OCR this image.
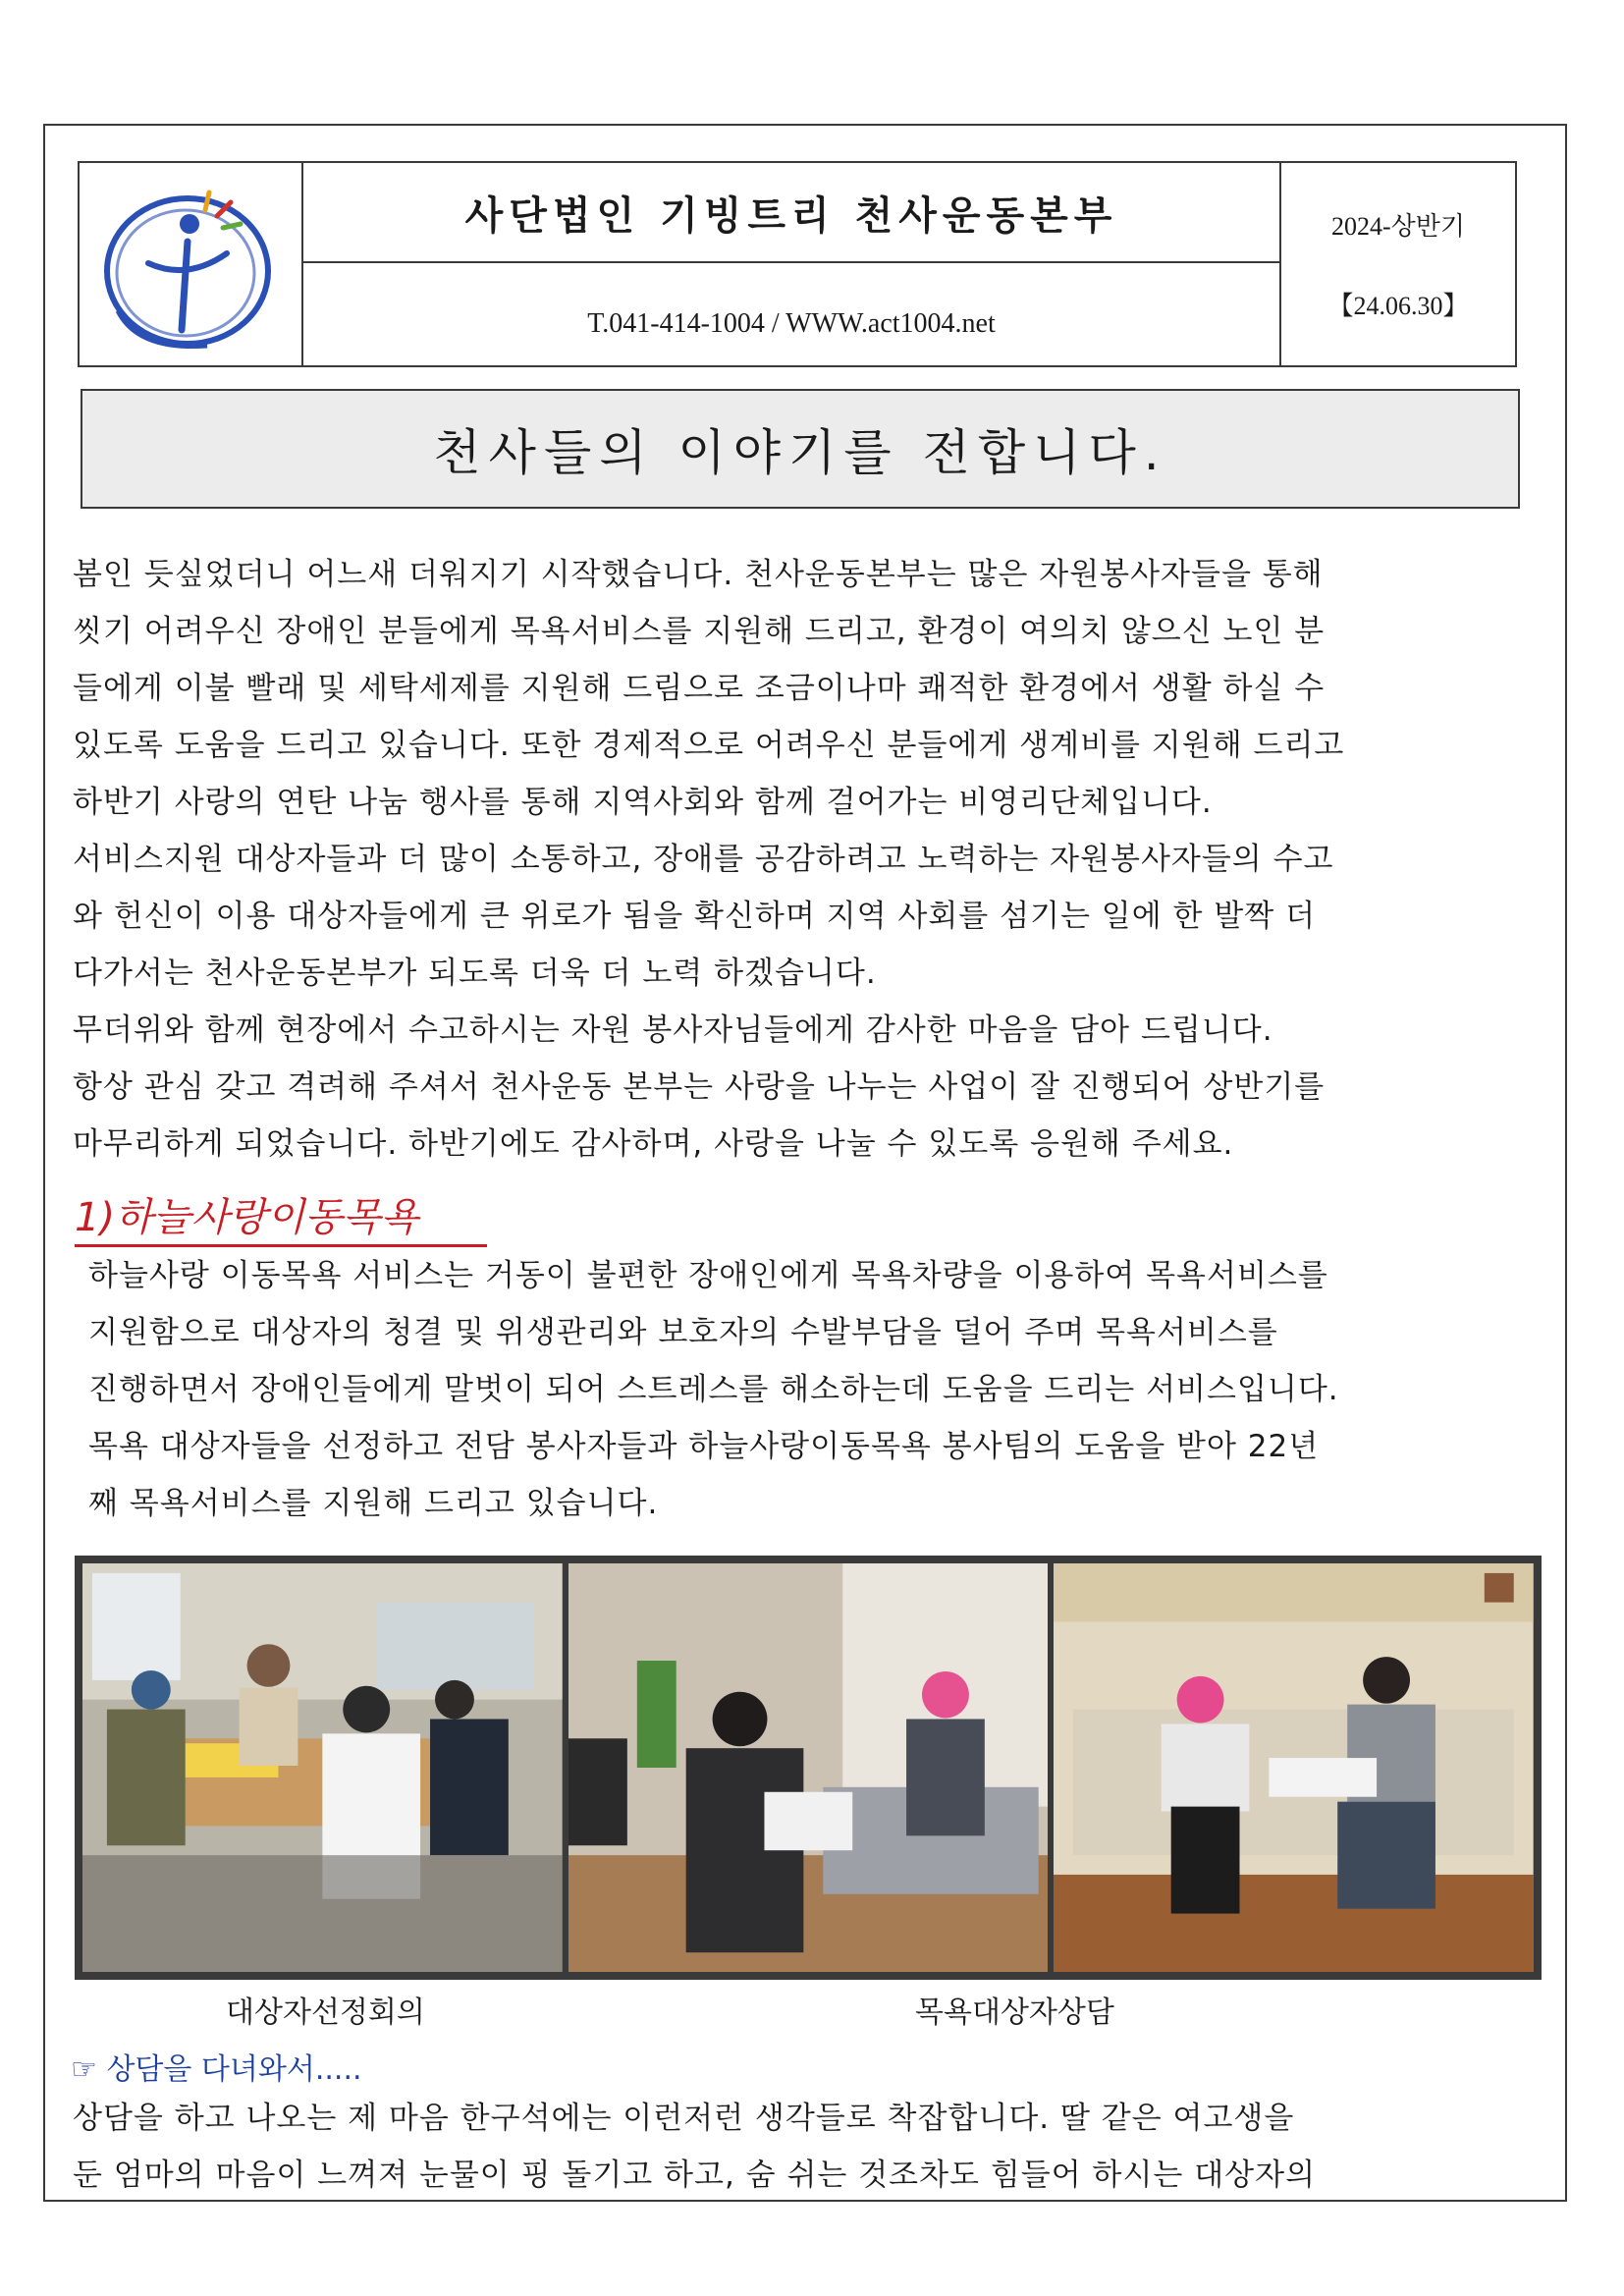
사단법인 기빙트리 천사운동본부
T.041-414-1004 / WWW.act1004.net
2024-상반기
【24.06.30】
천사들의 이야기를 전합니다.

봄인 듯싶었더니 어느새 더워지기 시작했습니다. 천사운동본부는 많은 자원봉사자들을 통해

씻기 어려우신 장애인 분들에게 목욕서비스를 지원해 드리고, 환경이 여의치 않으신 노인 분

들에게 이불 빨래 및 세탁세제를 지원해 드림으로 조금이나마 쾌적한 환경에서 생활 하실 수

있도록 도움을 드리고 있습니다. 또한 경제적으로 어려우신 분들에게 생계비를 지원해 드리고

하반기 사랑의 연탄 나눔 행사를 통해 지역사회와 함께 걸어가는 비영리단체입니다.

서비스지원 대상자들과 더 많이 소통하고, 장애를 공감하려고 노력하는 자원봉사자들의 수고

와 헌신이 이용 대상자들에게 큰 위로가 됨을 확신하며 지역 사회를 섬기는 일에 한 발짝 더

다가서는 천사운동본부가 되도록 더욱 더 노력 하겠습니다.

무더위와 함께 현장에서 수고하시는 자원 봉사자님들에게 감사한 마음을 담아 드립니다.

항상 관심 갖고 격려해 주셔서 천사운동 본부는 사랑을 나누는 사업이 잘 진행되어 상반기를

마무리하게 되었습니다. 하반기에도 감사하며, 사랑을 나눌 수 있도록 응원해 주세요.

1)하늘사랑이동목욕

하늘사랑 이동목욕 서비스는 거동이 불편한 장애인에게 목욕차량을 이용하여 목욕서비스를

지원함으로 대상자의 청결 및 위생관리와 보호자의 수발부담을 덜어 주며 목욕서비스를

진행하면서 장애인들에게 말벗이 되어 스트레스를 해소하는데 도움을 드리는 서비스입니다.

목욕 대상자들을 선정하고 전담 봉사자들과 하늘사랑이동목욕 봉사팀의 도움을 받아 22년

째 목욕서비스를 지원해 드리고 있습니다.

대상자선정회의	목욕대상자상담
☞ 상담을 다녀와서.....

상담을 하고 나오는 제 마음 한구석에는 이런저런 생각들로 착잡합니다. 딸 같은 여고생을

둔 엄마의 마음이 느껴져 눈물이 핑 돌기고 하고, 숨 쉬는 것조차도 힘들어 하시는 대상자의
